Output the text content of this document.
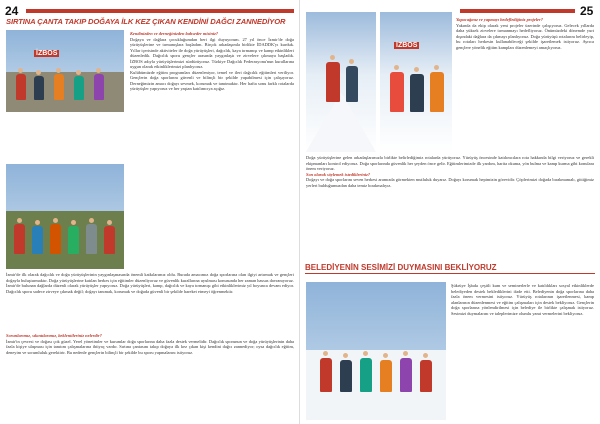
24
SIRTINA ÇANTA TAKIP DOĞAYA İLK KEZ ÇIKAN KENDİNİ DAĞCI ZANNEDİYOR
İZBOS
Kendinizden ve derneğinizden bahseder misiniz?
Doğaya ve dağlara çocukluğumdan beri ilgi duyuyorum. 27 yıl önce İzmir'de doğa yürüyüşlerine ve tırmanışlara başladım. Birçok arkadaşımla birlikte İDADDK'yı kurduk. Yıllar içerisinde aktiviteler ile doğa yürüyüşleri, dağcılık, kaya tırmanışı ve kamp etkinlikleri düzenledik. Dağcılık sporu gençler arasında yaygınlaştı ve zirvelere çıkmaya başladık. İZBOS adıyla yürüyüşlerimizi sürdürüyoruz. Türkiye Dağcılık Federasyonu'nun kurallarına uygun olarak etkinliklerimizi planlıyoruz.
Kulübümüzde eğitim programları düzenleniyor, temel ve ileri dağcılık eğitimleri veriliyor. Gençlerin doğa sporlarını güvenli ve bilinçli bir şekilde yapabilmesi için çalışıyoruz. Derneğimizin amacı doğayı sevmek, korumak ve tanıtmaktır. Her hafta sonu farklı rotalarda yürüyüşler yapıyoruz ve her yaştan katılımcıya açığız.
İzmir'de ilk olarak dağcılık ve doğa yürüyüşlerinin yaygınlaşmasında önemli katkılarımız oldu. Burada amacımız doğa sporlarına olan ilgiyi artırmak ve gençleri doğayla buluşturmaktır. Doğa yürüyüşlerine katılan herkes için eğitimler düzenliyoruz ve güvenlik kurallarına uyulması konusunda her zaman hassas davranıyoruz.
İzmir'de bulunan dağlarda düzenli olarak yürüyüşler yapıyoruz. Doğa yürüyüşleri, kamp, dağcılık ve kaya tırmanışı gibi etkinliklerimiz yıl boyunca devam ediyor. Dağcılık sporu sadece zirveye çıkmak değil; doğayı tanımak, korumak ve doğada güvenli bir şekilde hareket etmeyi öğrenmektir.
Sorunlarımız, sıkıntılarımız, beklentileriniz nelerdir?
İzmir'in çevresi ve doğası çok güzel. Yerel yönetimler ve kurumlar doğa sporlarına daha fazla destek vermelidir. Dağcılık sporunun ve doğa yürüyüşlerinin daha fazla kişiye ulaşması için tanıtım çalışmalarına ihtiyaç vardır. Sırtına çantasını takıp doğaya ilk kez çıkan kişi kendini dağcı zannediyor; oysa dağcılık eğitim, deneyim ve sorumluluk gerektirir. Bu nedenle gençlerin bilinçli bir şekilde bu sporu yapmalarını istiyoruz.
25
İZBOS
Yapacağınız ve yapmayı hedeflediğiniz projeler?
Yakında da ekip olarak yeni projeler üzerinde çalışıyoruz. Gelecek yıllarda daha yüksek zirvelere tırmanmayı hedefliyoruz. Önümüzdeki dönemde yurt dışındaki dağlara da çıkmayı planlıyoruz. Doğa yürüyüşü rotalarını belirleyip, bu rotaları herkesin kullanabileceği şekilde işaretlemek istiyoruz. Ayrıca gençlere yönelik eğitim kampları düzenlemeyi amaçlıyoruz.
Doğa yürüyüşlerine gelen arkadaşlarımızla birlikte belirlediğimiz rotalarda yürüyoruz. Yürüyüş öncesinde katılımcılara rota hakkında bilgi veriyoruz ve gerekli ekipmanları kontrol ediyoruz. Doğa sporlarında güvenlik her şeyden önce gelir. Eğitimlerimizde ilk yardım, harita okuma, yön bulma ve kamp kurma gibi konulara önem veriyoruz.
Son olarak söylemek istedikleriniz?
Doğayı ve doğa sporlarını seven herkesi aramızda görmekten mutluluk duyarız. Doğayı korumak hepimizin görevidir. Çöplerimizi doğada bırakmamalı, gittiğimiz yerleri bulduğumuzdan daha temiz bırakmalıyız.
BELEDİYENİN SESİMİZİ DUYMASINI BEKLİYORUZ
Şükrüye İşbakı çeşitli kum ve seminerlerle ve katıldıkları sosyal etkinliklerde belediyeden destek beklediklerini ifade etti. Belediyenin doğa sporlarına daha fazla önem vermesini istiyoruz. Yürüyüş rotalarının işaretlenmesi, kamp alanlarının düzenlenmesi ve eğitim çalışmaları için destek bekliyoruz. Gençlerin doğa sporlarına yönlendirilmesi için belediye ile birlikte çalışmak istiyoruz. Sesimizi duymalarını ve taleplerimize olumlu yanıt vermelerini bekliyoruz.
